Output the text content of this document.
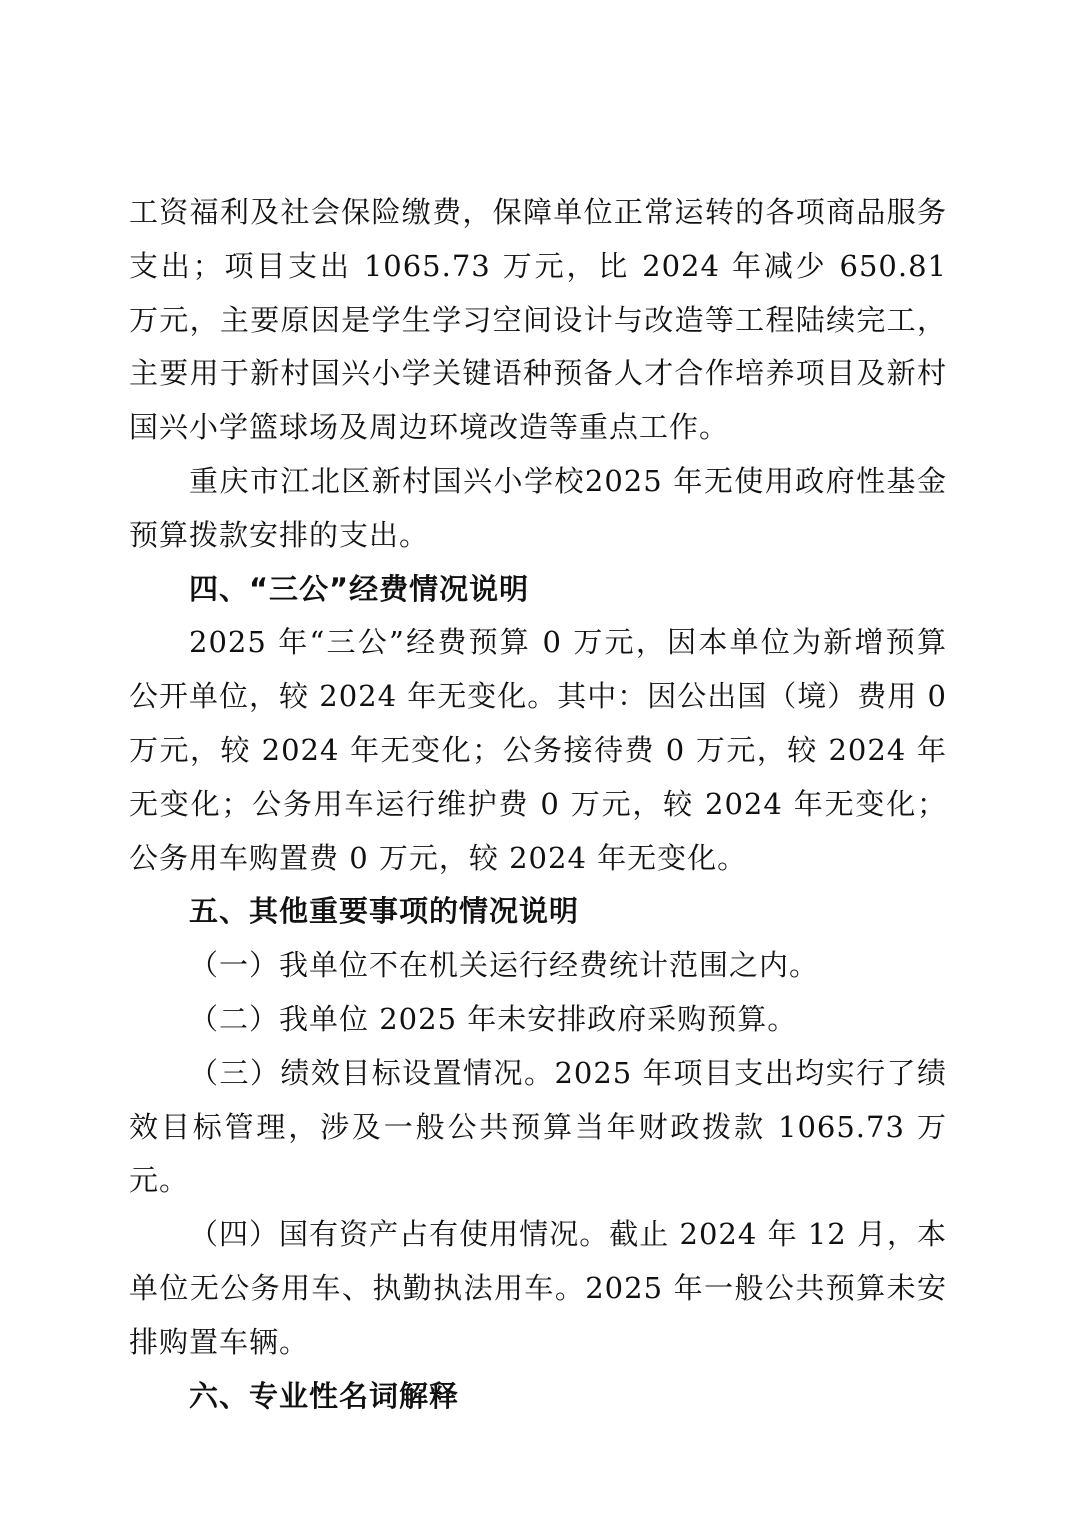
工资福利及社会保险缴费，保障单位正常运转的各项商品服务支出；项目支出 1065.73 万元，比 2024 年减少 650.81 万元，主要原因是学生学习空间设计与改造等工程陆续完工，主要用于新村国兴小学关键语种预备人才合作培养项目及新村国兴小学篮球场及周边环境改造等重点工作。

重庆市江北区新村国兴小学校2025 年无使用政府性基金预算拨款安排的支出。

四、“三公”经费情况说明

2025 年“三公”经费预算 0 万元，因本单位为新增预算公开单位，较 2024 年无变化。其中：因公出国（境）费用 0 万元，较 2024 年无变化；公务接待费 0 万元，较 2024 年无变化；公务用车运行维护费 0 万元，较 2024 年无变化；公务用车购置费 0 万元，较 2024 年无变化。

五、其他重要事项的情况说明

（一）我单位不在机关运行经费统计范围之内。

（二）我单位 2025 年未安排政府采购预算。

（三）绩效目标设置情况。2025 年项目支出均实行了绩效目标管理，涉及一般公共预算当年财政拨款 1065.73 万元。

（四）国有资产占有使用情况。截止 2024 年 12 月，本单位无公务用车、执勤执法用车。2025 年一般公共预算未安排购置车辆。

六、专业性名词解释
